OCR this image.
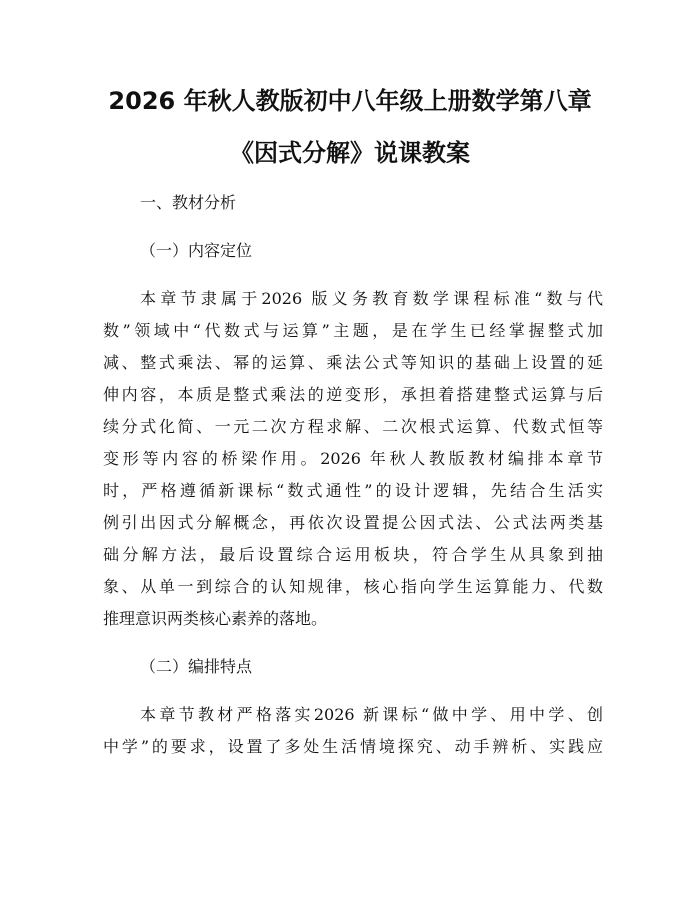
2026 年秋人教版初中八年级上册数学第八章
《因式分解》说课教案
一、教材分析
（一）内容定位
本章节隶属于2026 版义务教育数学课程标准“数与代
数”领域中“代数式与运算”主题，是在学生已经掌握整式加
减、整式乘法、幂的运算、乘法公式等知识的基础上设置的延
伸内容，本质是整式乘法的逆变形，承担着搭建整式运算与后
续分式化简、一元二次方程求解、二次根式运算、代数式恒等
变形等内容的桥梁作用。2026 年秋人教版教材编排本章节
时，严格遵循新课标“数式通性”的设计逻辑，先结合生活实
例引出因式分解概念，再依次设置提公因式法、公式法两类基
础分解方法，最后设置综合运用板块，符合学生从具象到抽
象、从单一到综合的认知规律，核心指向学生运算能力、代数
推理意识两类核心素养的落地。
（二）编排特点
本章节教材严格落实2026 新课标“做中学、用中学、创
中学”的要求，设置了多处生活情境探究、动手辨析、实践应
